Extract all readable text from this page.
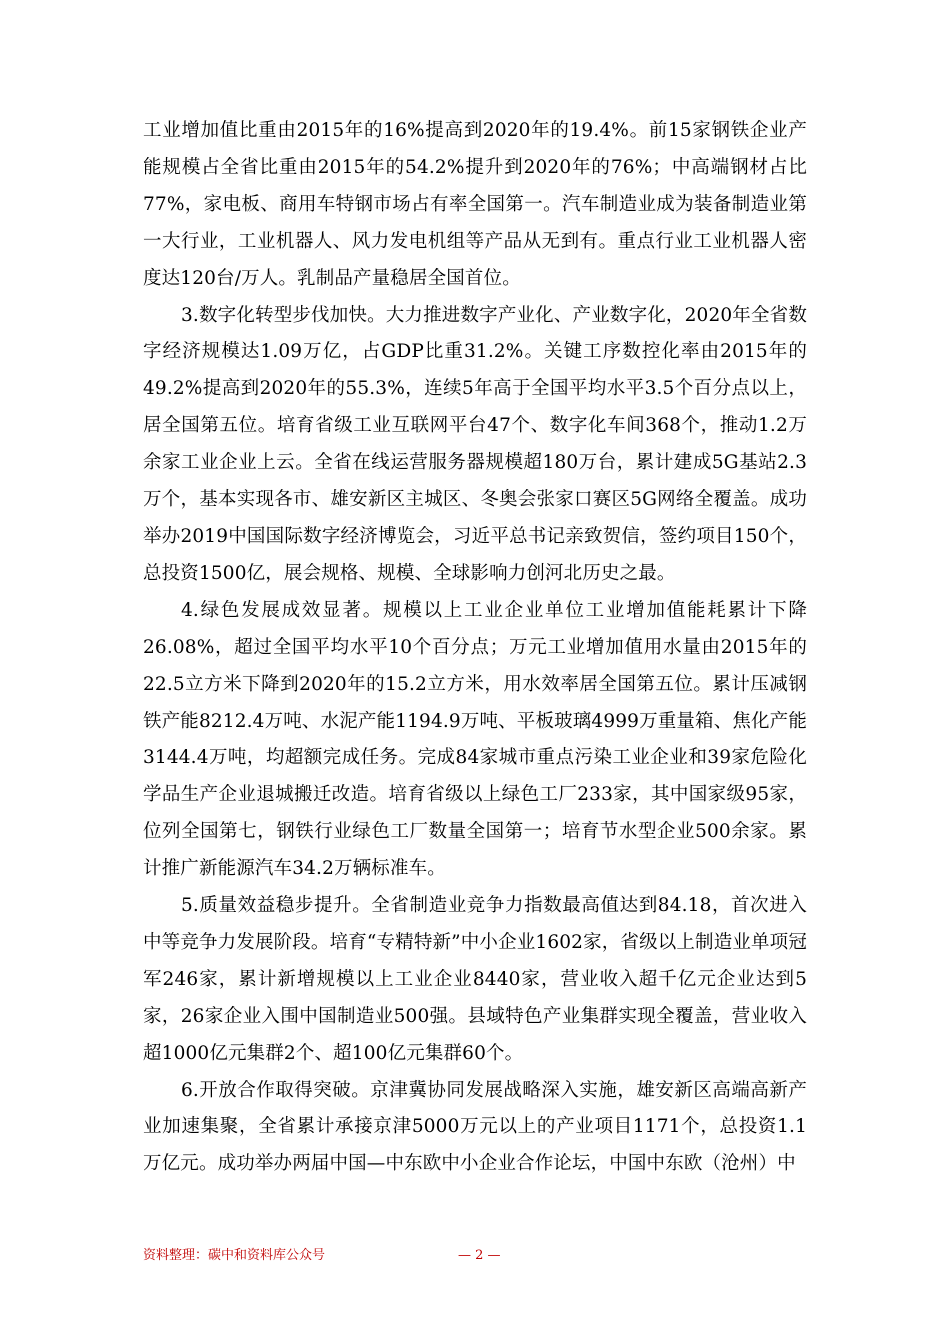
工业增加值比重由2015年的16%提高到2020年的19.4%。前15家钢铁企业产能规模占全省比重由2015年的54.2%提升到2020年的76%；中高端钢材占比77%，家电板、商用车特钢市场占有率全国第一。汽车制造业成为装备制造业第一大行业，工业机器人、风力发电机组等产品从无到有。重点行业工业机器人密度达120台/万人。乳制品产量稳居全国首位。

3.数字化转型步伐加快。大力推进数字产业化、产业数字化，2020年全省数字经济规模达1.09万亿，占GDP比重31.2%。关键工序数控化率由2015年的49.2%提高到2020年的55.3%，连续5年高于全国平均水平3.5个百分点以上，居全国第五位。培育省级工业互联网平台47个、数字化车间368个，推动1.2万余家工业企业上云。全省在线运营服务器规模超180万台，累计建成5G基站2.3万个，基本实现各市、雄安新区主城区、冬奥会张家口赛区5G网络全覆盖。成功举办2019中国国际数字经济博览会，习近平总书记亲致贺信，签约项目150个，总投资1500亿，展会规格、规模、全球影响力创河北历史之最。

4.绿色发展成效显著。规模以上工业企业单位工业增加值能耗累计下降26.08%，超过全国平均水平10个百分点；万元工业增加值用水量由2015年的22.5立方米下降到2020年的15.2立方米，用水效率居全国第五位。累计压减钢铁产能8212.4万吨、水泥产能1194.9万吨、平板玻璃4999万重量箱、焦化产能3144.4万吨，均超额完成任务。完成84家城市重点污染工业企业和39家危险化学品生产企业退城搬迁改造。培育省级以上绿色工厂233家，其中国家级95家，位列全国第七，钢铁行业绿色工厂数量全国第一；培育节水型企业500余家。累计推广新能源汽车34.2万辆标准车。

5.质量效益稳步提升。全省制造业竞争力指数最高值达到84.18，首次进入中等竞争力发展阶段。培育“专精特新”中小企业1602家，省级以上制造业单项冠军246家，累计新增规模以上工业企业8440家，营业收入超千亿元企业达到5家，26家企业入围中国制造业500强。县域特色产业集群实现全覆盖，营业收入超1000亿元集群2个、超100亿元集群60个。

6.开放合作取得突破。京津冀协同发展战略深入实施，雄安新区高端高新产业加速集聚，全省累计承接京津5000万元以上的产业项目1171个，总投资1.1万亿元。成功举办两届中国—中东欧中小企业合作论坛，中国中东欧（沧州）中

资料整理：碳中和资料库公众号	— 2 —
